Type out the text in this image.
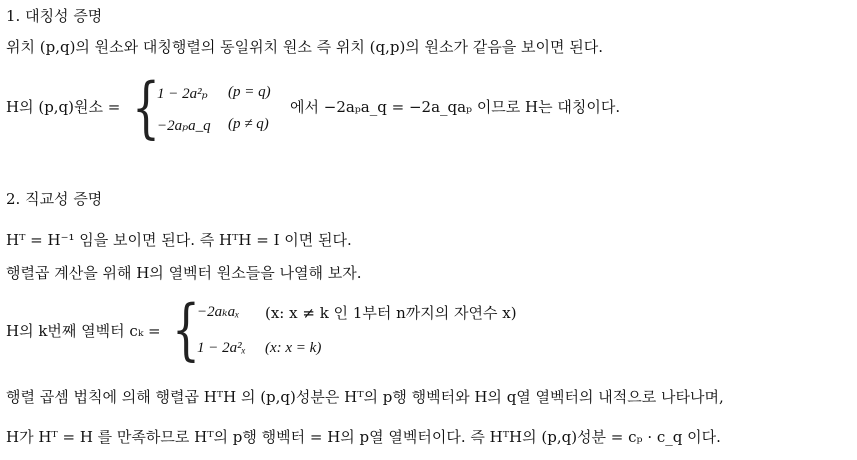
1. 대칭성 증명
위치 (p,q)의 원소와 대칭행렬의 동일위치 원소 즉 위치 (q,p)의 원소가 같음을 보이면 된다.
H의 (p,q)원소 = {
1 − 2a²ₚ (p = q)
−2aₚa_q (p ≠ q)
에서 −2aₚa_q = −2a_qaₚ 이므로 H는 대칭이다.
2. 직교성 증명
Hᵀ = H⁻¹ 임을 보이면 된다. 즉 HᵀH = I 이면 된다.
행렬곱 계산을 위해 H의 열벡터 원소들을 나열해 보자.
H의 k번째 열벡터 cₖ = {
−2aₖaₓ (x: x ≠ k 인 1부터 n까지의 자연수 x)
1 − 2a²ₓ (x: x = k)
행렬 곱셈 법칙에 의해 행렬곱 HᵀH 의 (p,q)성분은 Hᵀ의 p행 행벡터와 H의 q열 열벡터의 내적으로 나타나며,
H가 Hᵀ = H 를 만족하므로 Hᵀ의 p행 행벡터 = H의 p열 열벡터이다. 즉 HᵀH의 (p,q)성분 = cₚ · c_q 이다.
